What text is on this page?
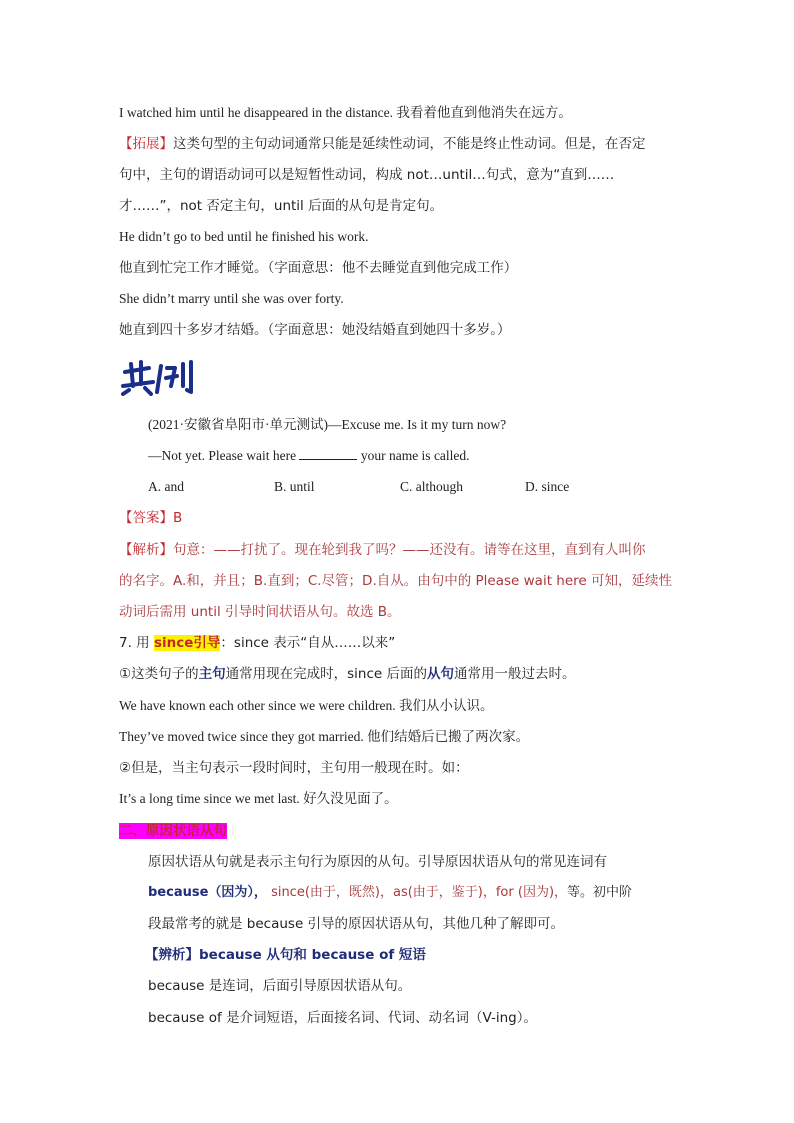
I watched him until he disappeared in the distance. 我看着他直到他消失在远方。
【拓展】这类句型的主句动词通常只能是延续性动词，不能是终止性动词。但是，在否定
句中，主句的谓语动词可以是短暂性动词，构成 not…until…句式，意为“直到……
才……”，not 否定主句，until 后面的从句是肯定句。
He didn’t go to bed until he finished his work.
他直到忙完工作才睡觉。（字面意思：他不去睡觉直到他完成工作）
She didn’t marry until she was over forty.
她直到四十多岁才结婚。（字面意思：她没结婚直到她四十多岁。）
(2021·安徽省阜阳市·单元测试)—Excuse me. Is it my turn now?
—Not yet. Please wait here	your name is called.
A. and	B. until	C. although	D. since
【答案】B
【解析】句意：——打扰了。现在轮到我了吗？——还没有。请等在这里，直到有人叫你
的名字。A.和，并且；B.直到；C.尽管；D.自从。由句中的 Please wait here 可知，延续性
动词后需用 until 引导时间状语从句。故选 B。
7. 用 since引导：since 表示“自从……以来”
①这类句子的主句通常用现在完成时，since 后面的从句通常用一般过去时。
We have known each other since we were children. 我们从小认识。
They’ve moved twice since they got married. 他们结婚后已搬了两次家。
②但是，当主句表示一段时间时，主句用一般现在时。如：
It’s a long time since we met last. 好久没见面了。
二、原因状语从句
原因状语从句就是表示主句行为原因的从句。引导原因状语从句的常见连词有
because（因为）， since(由于，既然)，as(由于，鉴于)，for (因为)，等。初中阶
段最常考的就是 because 引导的原因状语从句，其他几种了解即可。
【辨析】because 从句和 because of 短语
because 是连词，后面引导原因状语从句。
because of 是介词短语，后面接名词、代词、动名词（V-ing）。
